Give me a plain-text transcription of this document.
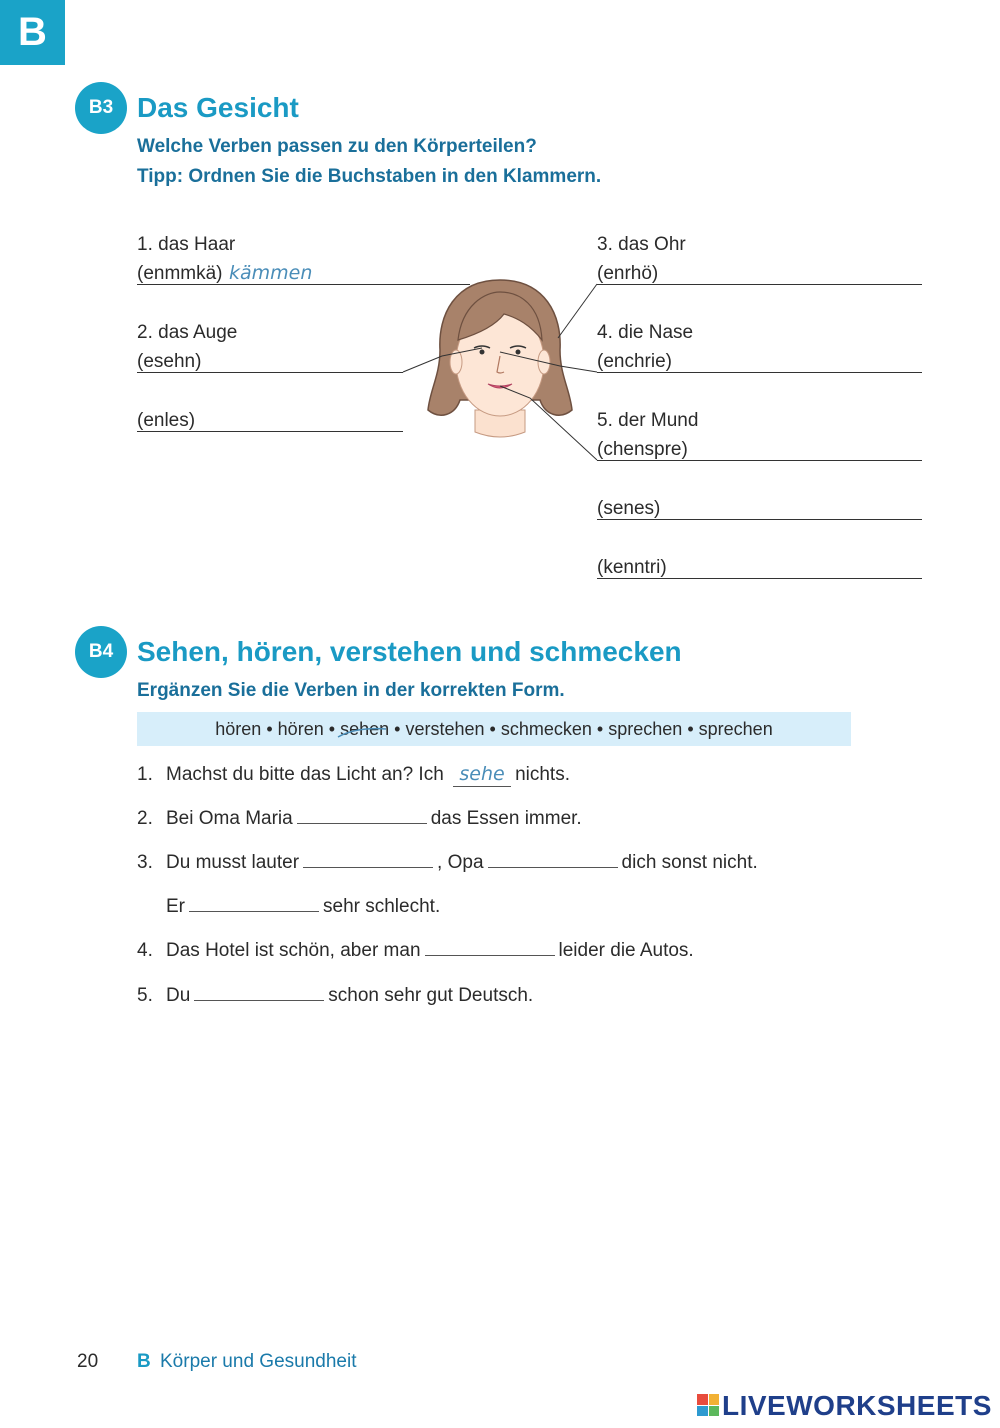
B
B3 Das Gesicht
Welche Verben passen zu den Körperteilen?
Tipp: Ordnen Sie die Buchstaben in den Klammern.
1. das Haar
(enmmkä) kämmen
2. das Auge
(esehn)
(enles)
3. das Ohr
(enrhö)
4. die Nase
(enchrie)
5. der Mund
(chenspre)
(senes)
(kenntri)
B4 Sehen, hören, verstehen und schmecken
Ergänzen Sie die Verben in der korrekten Form.
hören
•
hören
•
sehen
•
verstehen
•
schmecken
•
sprechen
•
sprechen
1. Machst du bitte das Licht an? Ich sehe nichts.
2. Bei Oma Maria	das Essen immer.
3. Du musst lauter	, Opa	dich sonst nicht.
Er	sehr schlecht.
4. Das Hotel ist schön, aber man	leider die Autos.
5. Du	schon sehr gut Deutsch.
20 B Körper und Gesundheit
LIVEWORKSHEETS
